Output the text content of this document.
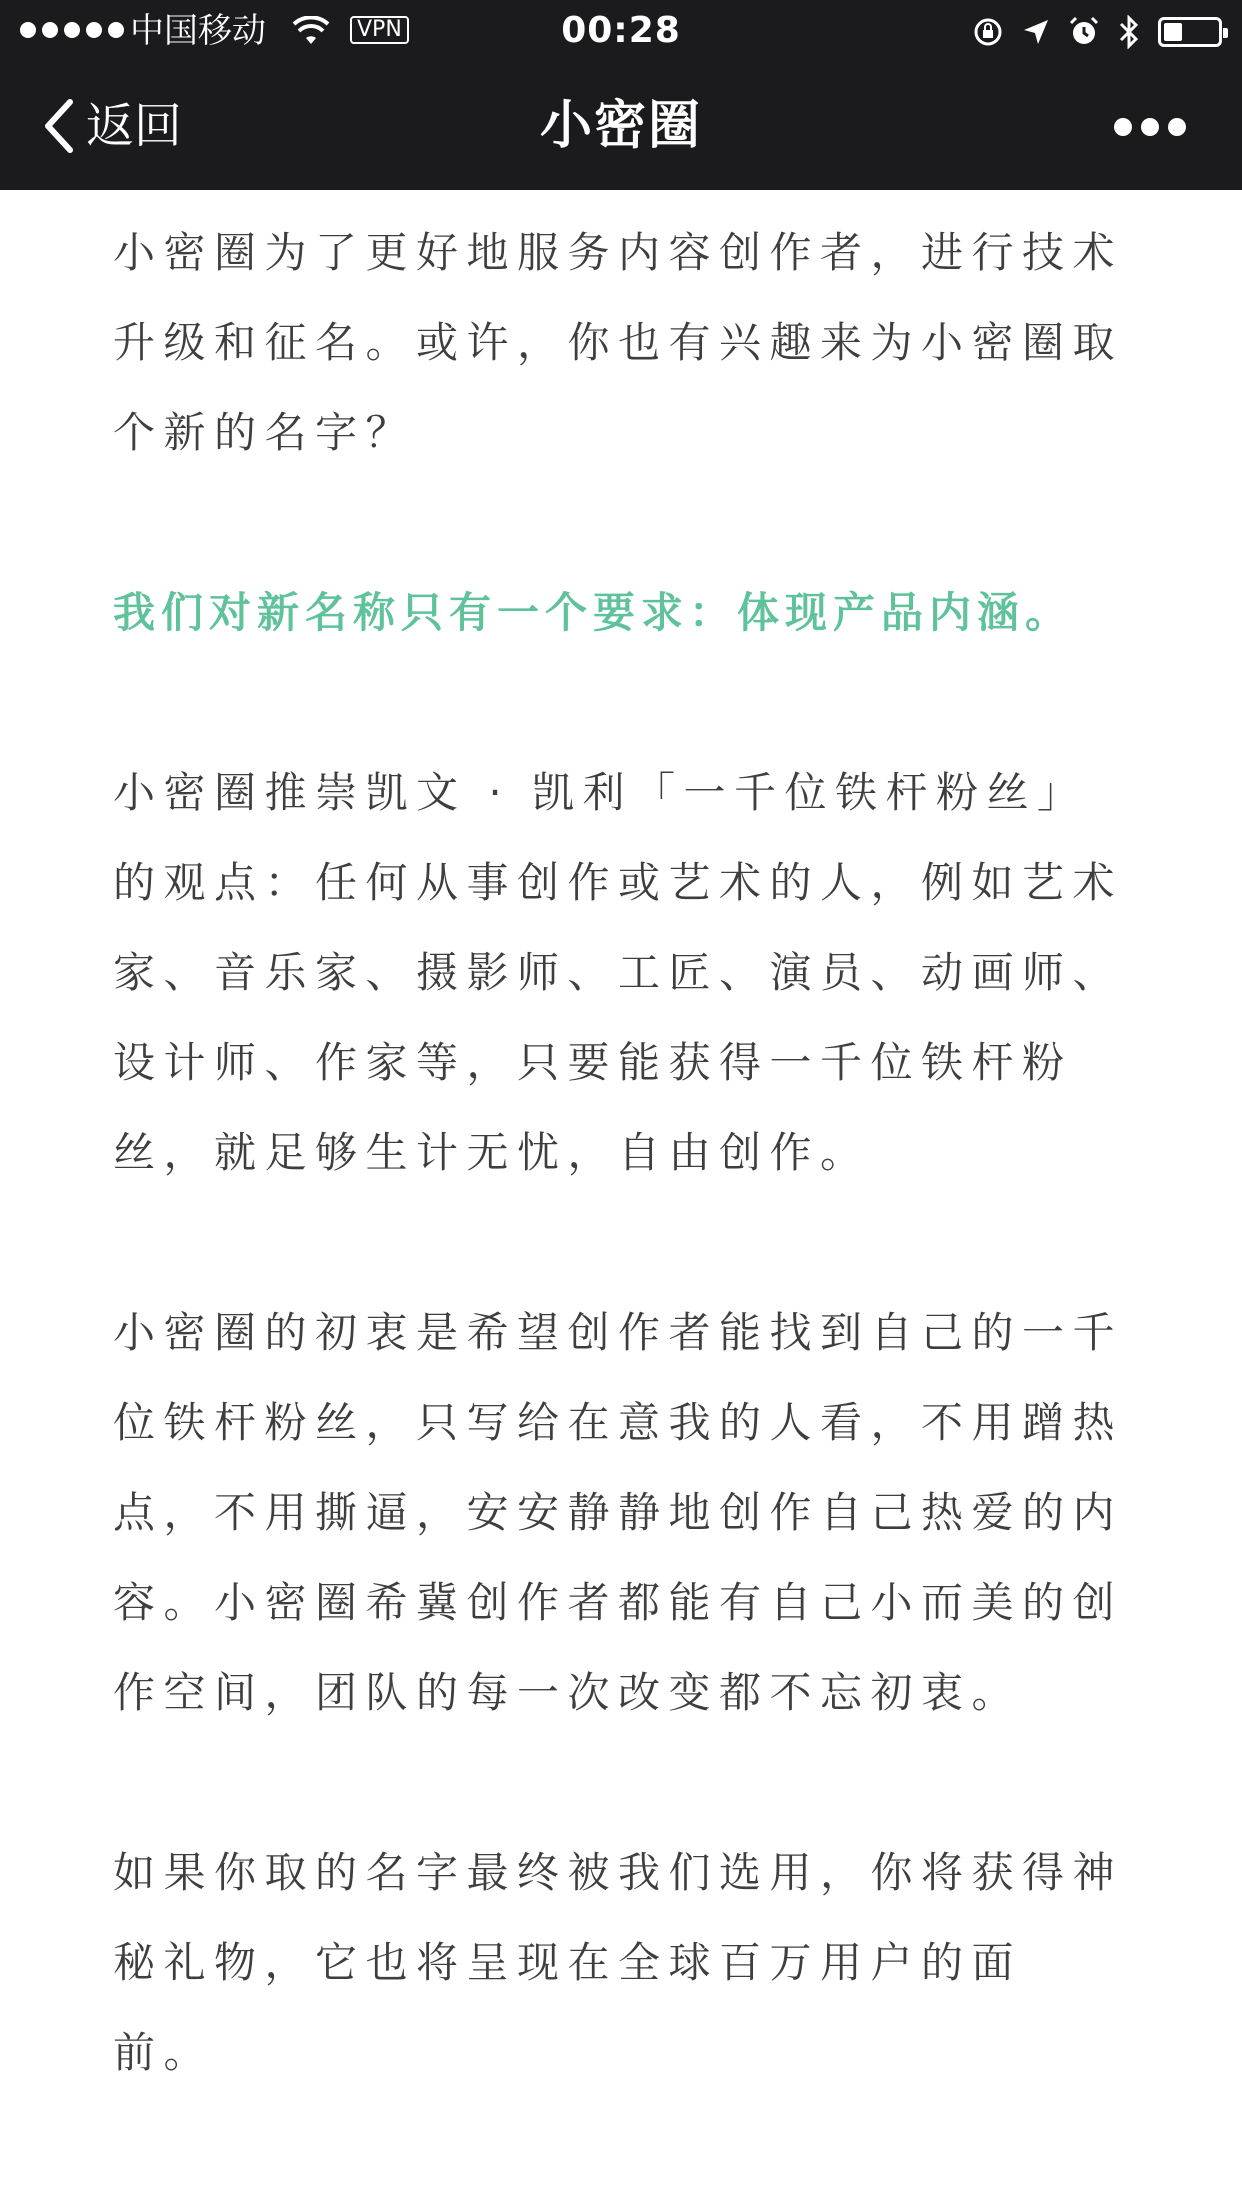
中国移动	VPN	00:28
返回	小密圈
小密圈为了更好地服务内容创作者，进行技术
升级和征名。或许，你也有兴趣来为小密圈取
个新的名字？
我们对新名称只有一个要求：体现产品内涵。
小密圈推崇凯文 · 凯利「一千位铁杆粉丝」
的观点：任何从事创作或艺术的人，例如艺术
家、音乐家、摄影师、工匠、演员、动画师、
设计师、作家等，只要能获得一千位铁杆粉
丝，就足够生计无忧，自由创作。
小密圈的初衷是希望创作者能找到自己的一千
位铁杆粉丝，只写给在意我的人看，不用蹭热
点，不用撕逼，安安静静地创作自己热爱的内
容。小密圈希冀创作者都能有自己小而美的创
作空间，团队的每一次改变都不忘初衷。
如果你取的名字最终被我们选用，你将获得神
秘礼物，它也将呈现在全球百万用户的面
前。
